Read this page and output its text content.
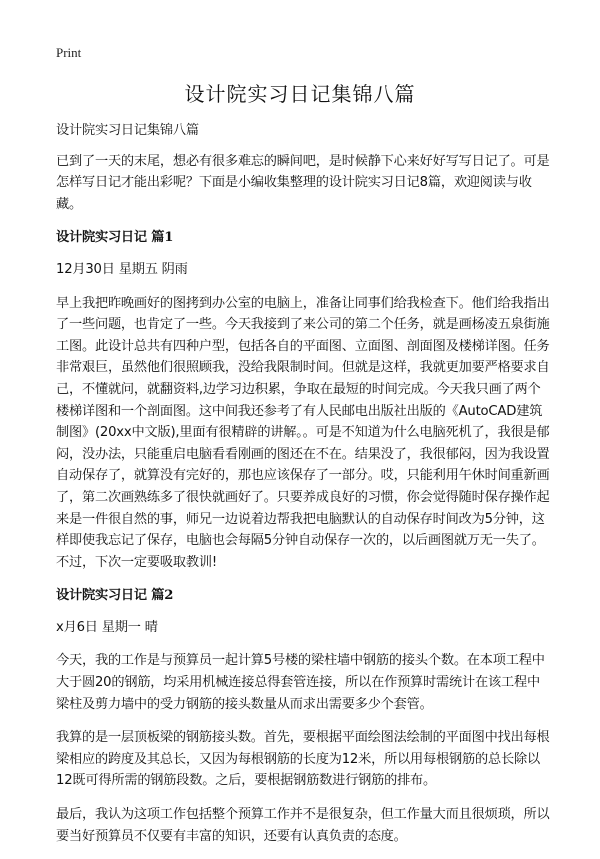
Print
设计院实习日记集锦八篇

设计院实习日记集锦八篇

已到了一天的末尾，想必有很多难忘的瞬间吧，是时候静下心来好好写写日记了。可是怎样写日记才能出彩呢？下面是小编收集整理的设计院实习日记8篇，欢迎阅读与收藏。

设计院实习日记 篇1

12月30日 星期五 阴雨

早上我把昨晚画好的图拷到办公室的电脑上，准备让同事们给我检查下。他们给我指出了一些问题，也肯定了一些。今天我接到了来公司的第二个任务，就是画杨凌五泉街施工图。此设计总共有四种户型，包括各自的平面图、立面图、剖面图及楼梯详图。任务非常艰巨，虽然他们很照顾我，没给我限制时间。但就是这样，我就更加要严格要求自己，不懂就问，就翻资料,边学习边积累，争取在最短的时间完成。今天我只画了两个楼梯详图和一个剖面图。这中间我还参考了有人民邮电出版社出版的《AutoCAD建筑制图》(20xx中文版),里面有很精辟的讲解。。可是不知道为什么电脑死机了，我很是郁闷，没办法，只能重启电脑看看刚画的图还在不在。结果没了，我很郁闷，因为我设置自动保存了，就算没有完好的，那也应该保存了一部分。哎，只能利用午休时间重新画了，第二次画熟练多了很快就画好了。只要养成良好的习惯，你会觉得随时保存操作起来是一件很自然的事，师兄一边说着边帮我把电脑默认的自动保存时间改为5分钟，这样即使我忘记了保存，电脑也会每隔5分钟自动保存一次的，以后画图就万无一失了。不过，下次一定要吸取教训!

设计院实习日记 篇2

x月6日 星期一 晴

今天，我的工作是与预算员一起计算5号楼的梁柱墙中钢筋的接头个数。在本项工程中大于圆20的钢筋，均采用机械连接总得套管连接，所以在作预算时需统计在该工程中梁柱及剪力墙中的受力钢筋的接头数量从而求出需要多少个套管。

我算的是一层顶板梁的钢筋接头数。首先，要根据平面绘图法绘制的平面图中找出每根梁相应的跨度及其总长，又因为每根钢筋的长度为12米，所以用每根钢筋的总长除以12既可得所需的钢筋段数。之后，要根据钢筋数进行钢筋的排布。

最后，我认为这项工作包括整个预算工作并不是很复杂，但工作量大而且很烦琐，所以要当好预算员不仅要有丰富的知识，还要有认真负责的态度。
